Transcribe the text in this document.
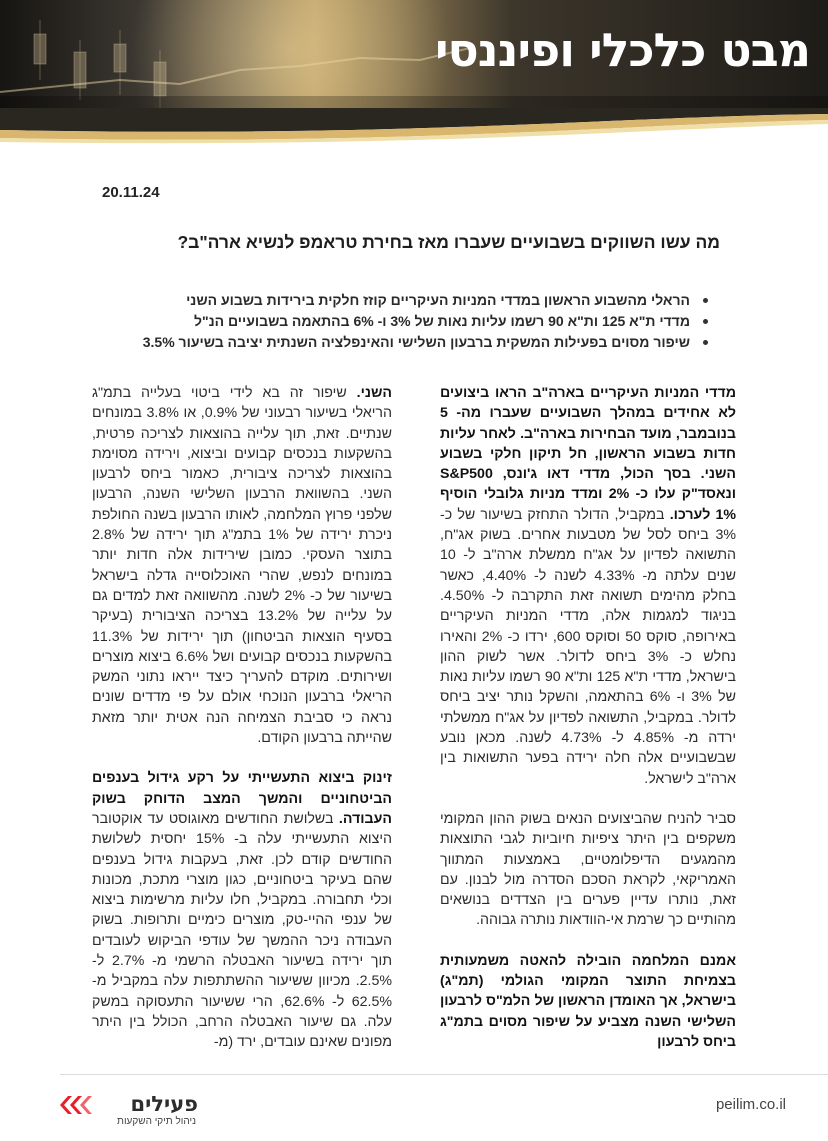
מבט כלכלי ופיננסי

20.11.24

מה עשו השווקים בשבועיים שעברו מאז בחירת טראמפ לנשיא ארה"ב?
הראלי מהשבוע הראשון במדדי המניות העיקריים קוזז חלקית בירידות בשבוע השני
מדדי ת"א 125 ות"א 90 רשמו עליות נאות של 3% ו- 6% בהתאמה בשבועיים הנ"ל
שיפור מסוים בפעילות המשקית ברבעון השלישי והאינפלציה השנתית יציבה בשיעור 3.5%

מדדי המניות העיקריים בארה"ב הראו ביצועים לא אחידים במהלך השבועיים שעברו מה- 5 בנובמבר, מועד הבחירות בארה"ב. לאחר עליות חדות בשבוע הראשון, חל תיקון חלקי בשבוע השני. בסך הכול, מדדי דאו ג'ונס, S&P500 ונאסד"ק עלו כ- 2% ומדד מניות גלובלי הוסיף 1% לערכו. במקביל, הדולר התחזק בשיעור של כ- 3% ביחס לסל של מטבעות אחרים. בשוק אג"ח, התשואה לפדיון על אג"ח ממשלת ארה"ב ל- 10 שנים עלתה מ- 4.33% לשנה ל- 4.40%, כאשר בחלק מהימים תשואה זאת התקרבה ל- 4.50%. בניגוד למגמות אלה, מדדי המניות העיקריים באירופה, סוקס 50 וסוקס 600, ירדו כ- 2% והאירו נחלש כ- 3% ביחס לדולר. אשר לשוק ההון בישראל, מדדי ת"א 125 ות"א 90 רשמו עליות נאות של 3% ו- 6% בהתאמה, והשקל נותר יציב ביחס לדולר. במקביל, התשואה לפדיון על אג"ח ממשלתי ירדה מ- 4.85% ל- 4.73% לשנה. מכאן נובע שבשבועיים אלה חלה ירידה בפער התשואות בין ארה"ב לישראל.

סביר להניח שהביצועים הנאים בשוק ההון המקומי משקפים בין היתר ציפיות חיוביות לגבי התוצאות מהמגעים הדיפלומטיים, באמצעות המתווך האמריקאי, לקראת הסכם הסדרה מול לבנון. עם זאת, נותרו עדיין פערים בין הצדדים בנושאים מהותיים כך שרמת אי-הוודאות נותרה גבוהה.

אמנם המלחמה הובילה להאטה משמעותית בצמיחת התוצר המקומי הגולמי (תמ"ג) בישראל, אך האומדן הראשון של הלמ"ס לרבעון השלישי השנה מצביע על שיפור מסוים בתמ"ג ביחס לרבעון

השני. שיפור זה בא לידי ביטוי בעלייה בתמ"ג הריאלי בשיעור רבעוני של 0.9%, או 3.8% במונחים שנתיים. זאת, תוך עלייה בהוצאות לצריכה פרטית, בהשקעות בנכסים קבועים וביצוא, וירידה מסוימת בהוצאות לצריכה ציבורית, כאמור ביחס לרבעון השני. בהשוואת הרבעון השלישי השנה, הרבעון שלפני פרוץ המלחמה, לאותו הרבעון בשנה החולפת ניכרת ירידה של 1% בתמ"ג תוך ירידה של 2.8% בתוצר העסקי. כמובן שירידות אלה חדות יותר במונחים לנפש, שהרי האוכלוסייה גדלה בישראל בשיעור של כ- 2% לשנה. מהשוואה זאת למדים גם על עלייה של 13.2% בצריכה הציבורית (בעיקר בסעיף הוצאות הביטחון) תוך ירידות של 11.3% בהשקעות בנכסים קבועים ושל 6.6% ביצוא מוצרים ושירותים. מוקדם להעריך כיצד ייראו נתוני המשק הריאלי ברבעון הנוכחי אולם על פי מדדים שונים נראה כי סביבת הצמיחה הנה אטית יותר מזאת שהייתה ברבעון הקודם.

זינוק ביצוא התעשייתי על רקע גידול בענפים הביטחוניים והמשך המצב הדוחק בשוק העבודה. בשלושת החודשים מאוגוסט עד אוקטובר היצוא התעשייתי עלה ב- 15% יחסית לשלושת החודשים קודם לכן. זאת, בעקבות גידול בענפים שהם בעיקר ביטחוניים, כגון מוצרי מתכת, מכונות וכלי תחבורה. במקביל, חלו עליות מרשימות ביצוא של ענפי ההיי-טק, מוצרים כימיים ותרופות. בשוק העבודה ניכר ההמשך של עודפי הביקוש לעובדים תוך ירידה בשיעור האבטלה הרשמי מ- 2.7% ל- 2.5%. מכיוון ששיעור ההשתתפות עלה במקביל מ- 62.5% ל- 62.6%, הרי ששיעור התעסוקה במשק עלה. גם שיעור האבטלה הרחב, הכולל בין היתר מפונים שאינם עובדים, ירד (מ-

פעילים

ניהול תיקי השקעות

peilim.co.il
